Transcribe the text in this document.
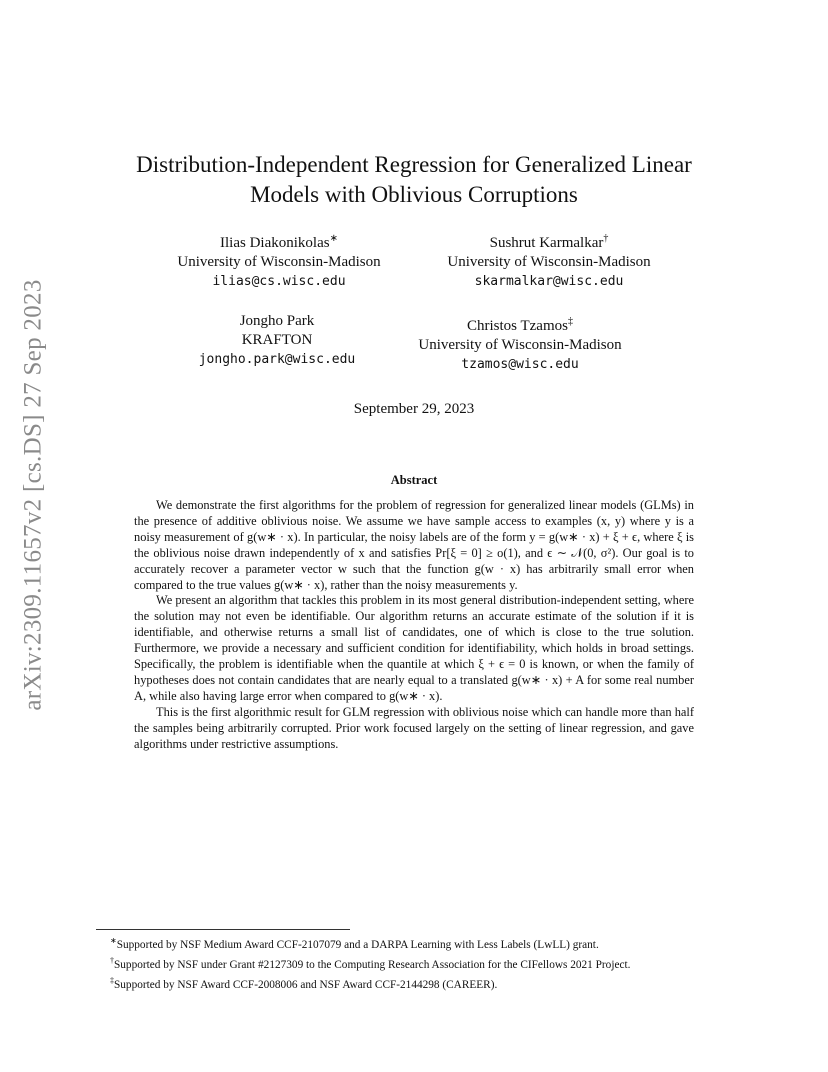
arXiv:2309.11657v2 [cs.DS] 27 Sep 2023
Distribution-Independent Regression for Generalized Linear
Models with Oblivious Corruptions
Ilias Diakonikolas∗
University of Wisconsin-Madison
ilias@cs.wisc.edu
Sushrut Karmalkar†
University of Wisconsin-Madison
skarmalkar@wisc.edu
Jongho Park
KRAFTON
jongho.park@wisc.edu
Christos Tzamos‡
University of Wisconsin-Madison
tzamos@wisc.edu
September 29, 2023
Abstract

We demonstrate the first algorithms for the problem of regression for generalized linear models (GLMs) in the presence of additive oblivious noise. We assume we have sample access to examples (x, y) where y is a noisy measurement of g(w∗ · x). In particular, the noisy labels are of the form y = g(w∗ · x) + ξ + ϵ, where ξ is the oblivious noise drawn independently of x and satisfies Pr[ξ = 0] ≥ o(1), and ϵ ∼ 𝒩(0, σ²). Our goal is to accurately recover a parameter vector w such that the function g(w · x) has arbitrarily small error when compared to the true values g(w∗ · x), rather than the noisy measurements y.

We present an algorithm that tackles this problem in its most general distribution-independent setting, where the solution may not even be identifiable. Our algorithm returns an accurate estimate of the solution if it is identifiable, and otherwise returns a small list of candidates, one of which is close to the true solution. Furthermore, we provide a necessary and sufficient condition for identifiability, which holds in broad settings. Specifically, the problem is identifiable when the quantile at which ξ + ϵ = 0 is known, or when the family of hypotheses does not contain candidates that are nearly equal to a translated g(w∗ · x) + A for some real number A, while also having large error when compared to g(w∗ · x).

This is the first algorithmic result for GLM regression with oblivious noise which can handle more than half the samples being arbitrarily corrupted. Prior work focused largely on the setting of linear regression, and gave algorithms under restrictive assumptions.

∗Supported by NSF Medium Award CCF-2107079 and a DARPA Learning with Less Labels (LwLL) grant.
†Supported by NSF under Grant #2127309 to the Computing Research Association for the CIFellows 2021 Project.
‡Supported by NSF Award CCF-2008006 and NSF Award CCF-2144298 (CAREER).
